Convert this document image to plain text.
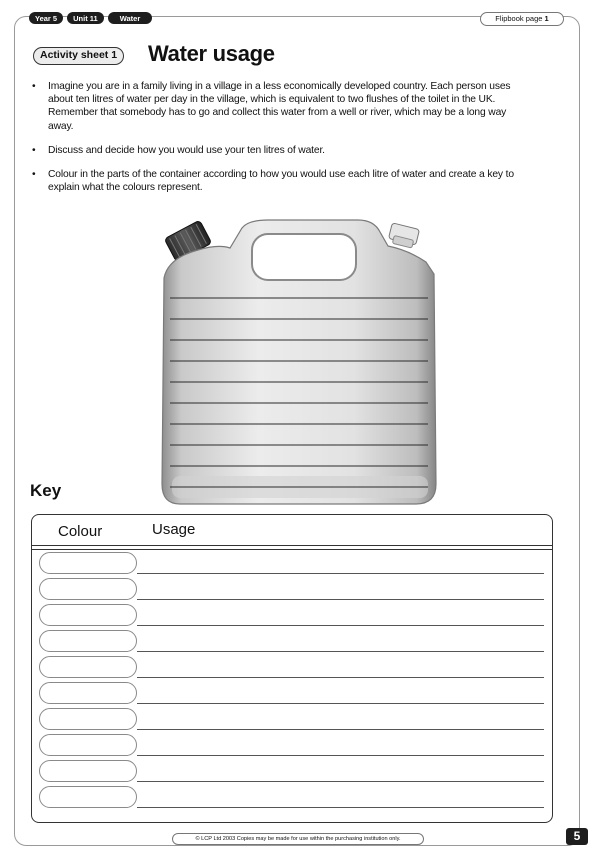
Year 5	Unit 11	Water	Flipbook page 1
Activity sheet 1	Water usage
• Imagine you are in a family living in a village in a less economically developed country. Each person uses about ten litres of water per day in the village, which is equivalent to two flushes of the toilet in the UK. Remember that somebody has to go and collect this water from a well or river, which may be a long way away.
• Discuss and decide how you would use your ten litres of water.
• Colour in the parts of the container according to how you would use each litre of water and create a key to explain what the colours represent.
Key
Colour	Usage
© LCP Ltd 2003 Copies may be made for use within the purchasing institution only.	5
